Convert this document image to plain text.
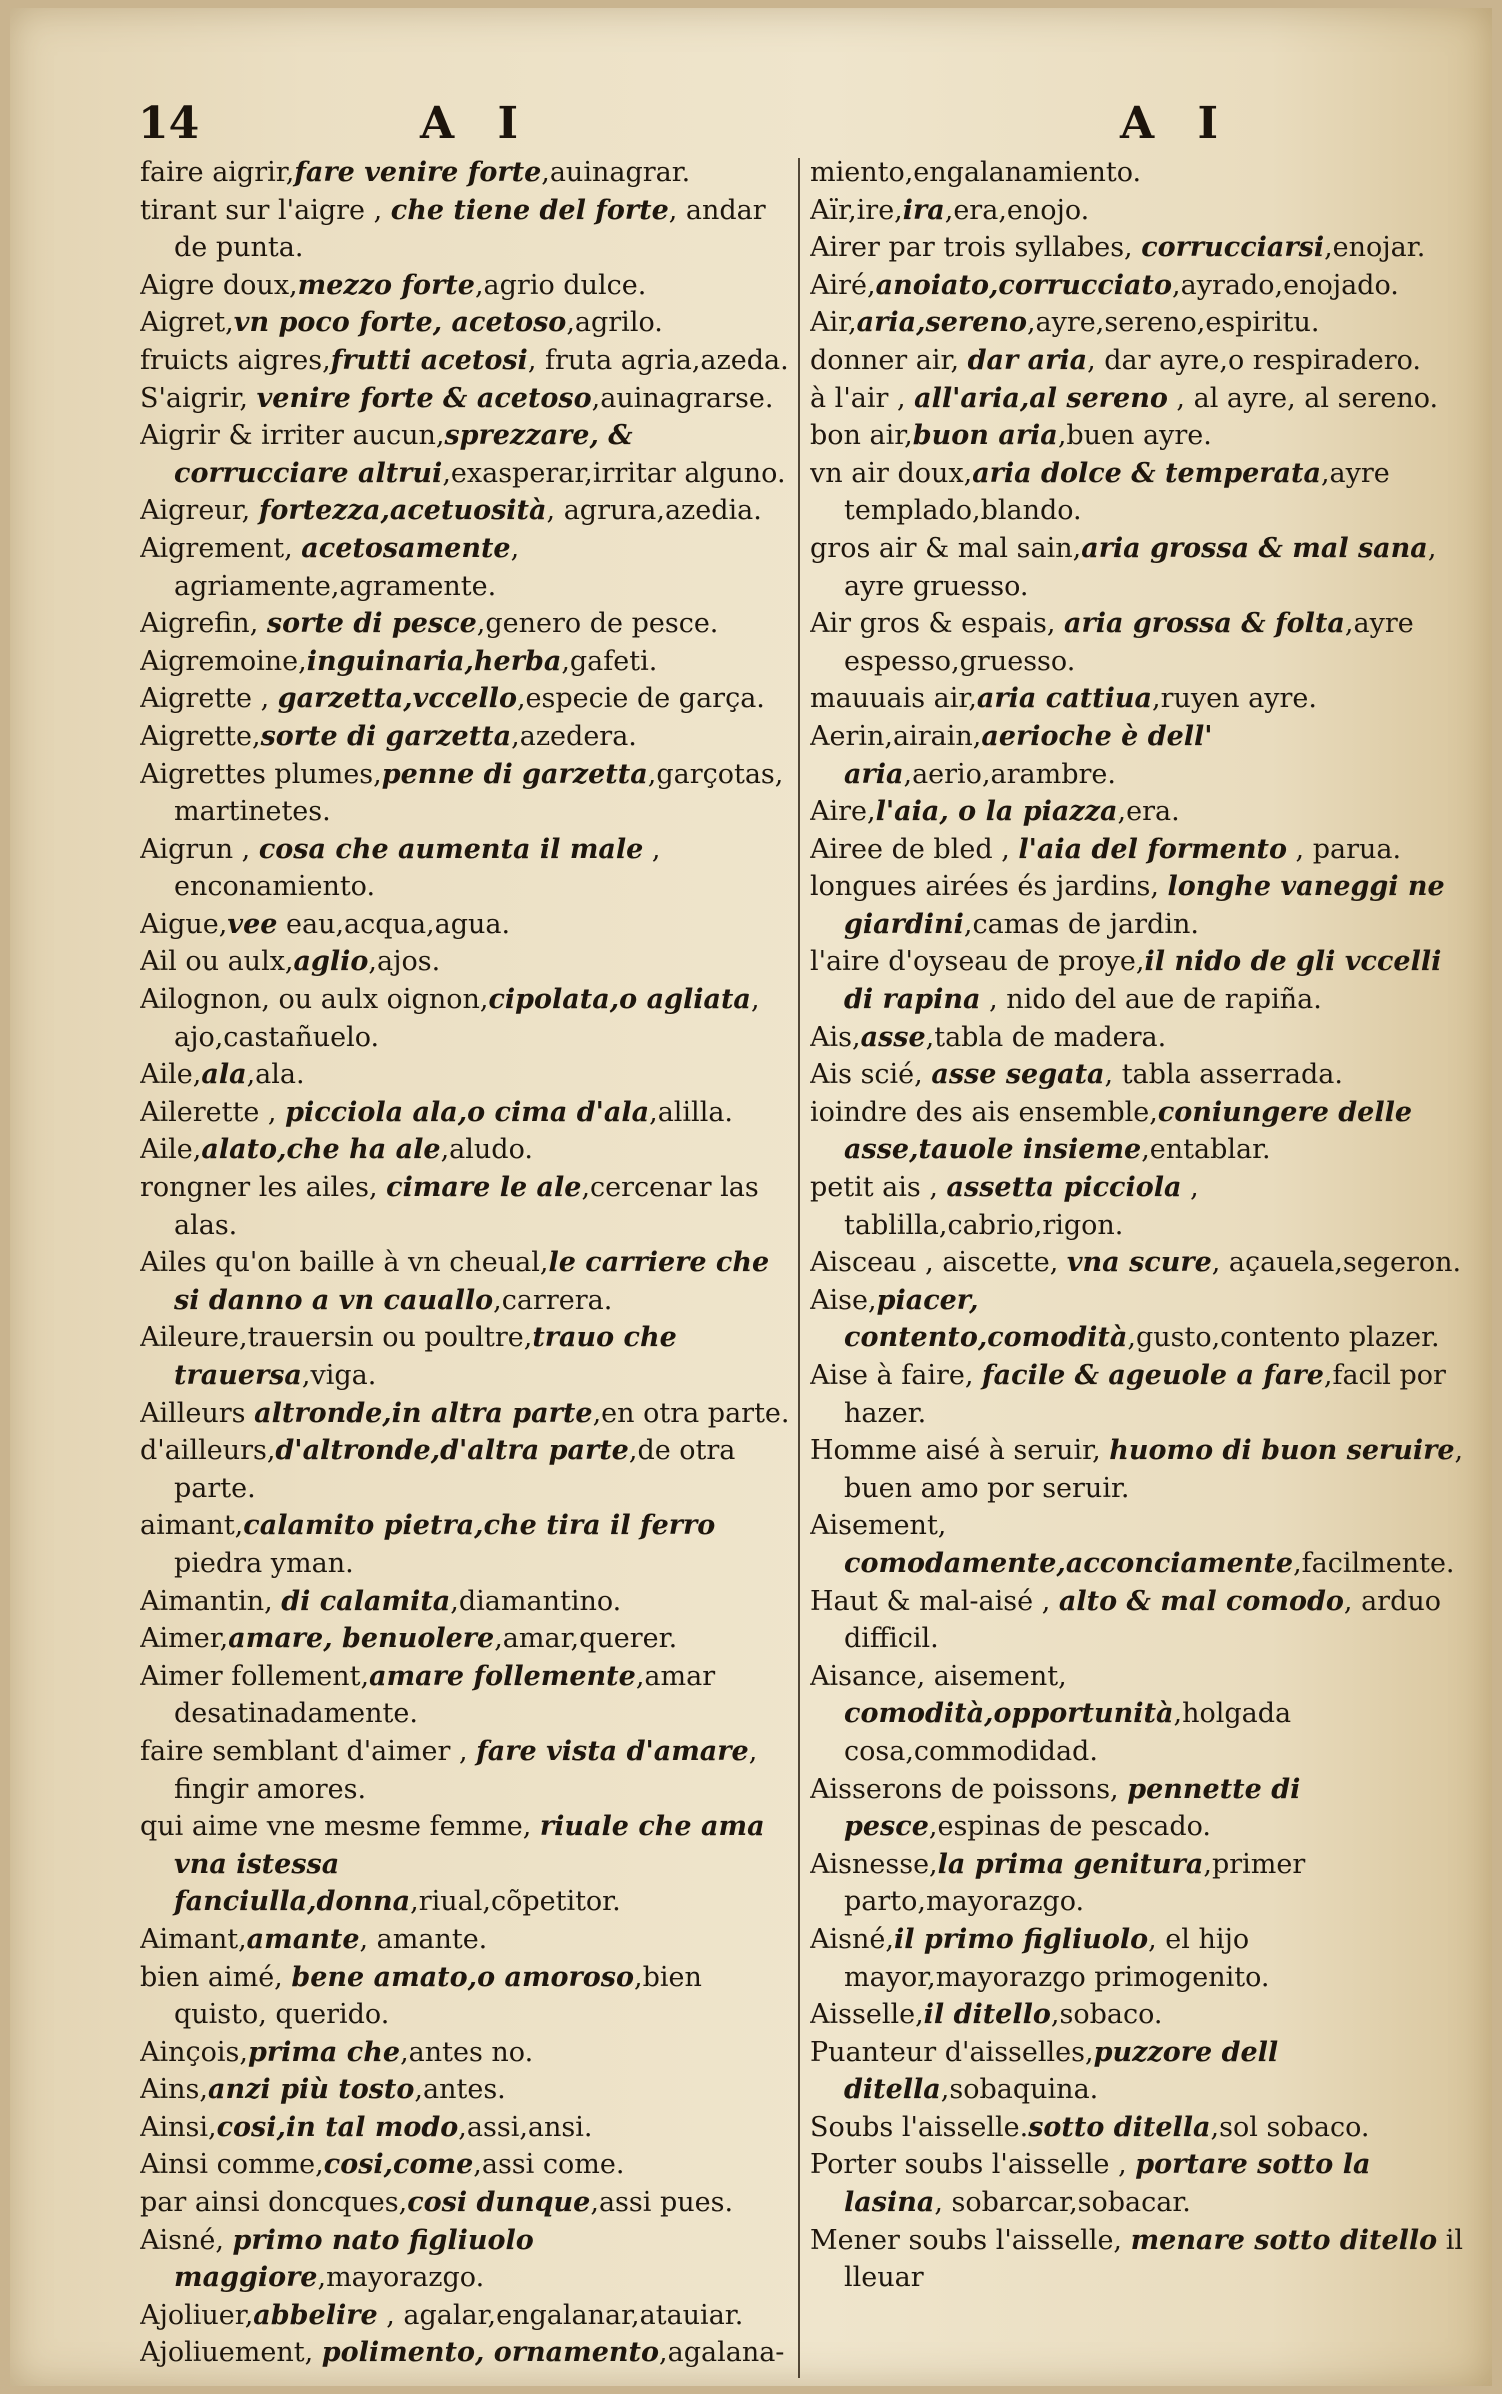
14	A I	A I

faire aigrir,fare venire forte,auinagrar.

tirant sur l'aigre , che tiene del forte, andar de punta.

Aigre doux,mezzo forte,agrio dulce.

Aigret,vn poco forte, acetoso,agrilo.

fruicts aigres,frutti acetosi, fruta agria,azeda.

S'aigrir, venire forte & acetoso,auinagrarse.

Aigrir & irriter aucun,sprezzare, & corrucciare altrui,exasperar,irritar alguno.

Aigreur, fortezza,acetuosità, agrura,azedia.

Aigrement, acetosamente, agriamente,agramente.

Aigrefin, sorte di pesce,genero de pesce.

Aigremoine,inguinaria,herba,gafeti.

Aigrette , garzetta,vccello,especie de garça.

Aigrette,sorte di garzetta,azedera.

Aigrettes plumes,penne di garzetta,garçotas, martinetes.

Aigrun , cosa che aumenta il male , enconamiento.

Aigue,vee eau,acqua,agua.

Ail ou aulx,aglio,ajos.

Ailognon, ou aulx oignon,cipolata,o agliata, ajo,castañuelo.

Aile,ala,ala.

Ailerette , picciola ala,o cima d'ala,alilla.

Aile,alato,che ha ale,aludo.

rongner les ailes, cimare le ale,cercenar las alas.

Ailes qu'on baille à vn cheual,le carriere che si danno a vn cauallo,carrera.

Aileure,trauersin ou poultre,trauo che trauersa,viga.

Ailleurs altronde,in altra parte,en otra parte.

d'ailleurs,d'altronde,d'altra parte,de otra parte.

aimant,calamito pietra,che tira il ferro piedra yman.

Aimantin, di calamita,diamantino.

Aimer,amare, benuolere,amar,querer.

Aimer follement,amare follemente,amar desatinadamente.

faire semblant d'aimer , fare vista d'amare, fingir amores.

qui aime vne mesme femme, riuale che ama vna istessa fanciulla,donna,riual,cõpetitor.

Aimant,amante, amante.

bien aimé, bene amato,o amoroso,bien quisto, querido.

Ainçois,prima che,antes no.

Ains,anzi più tosto,antes.

Ainsi,cosi,in tal modo,assi,ansi.

Ainsi comme,cosi,come,assi come.

par ainsi doncques,cosi dunque,assi pues.

Aisné, primo nato figliuolo maggiore,mayorazgo.

Ajoliuer,abbelire , agalar,engalanar,atauiar.

Ajoliuement, polimento, ornamento,agalana-

miento,engalanamiento.

Aïr,ire,ira,era,enojo.

Airer par trois syllabes, corrucciarsi,enojar.

Airé,anoiato,corrucciato,ayrado,enojado.

Air,aria,sereno,ayre,sereno,espiritu.

donner air, dar aria, dar ayre,o respiradero.

à l'air , all'aria,al sereno , al ayre, al sereno.

bon air,buon aria,buen ayre.

vn air doux,aria dolce & temperata,ayre templado,blando.

gros air & mal sain,aria grossa & mal sana, ayre gruesso.

Air gros & espais, aria grossa & folta,ayre espesso,gruesso.

mauuais air,aria cattiua,ruyen ayre.

Aerin,airain,aerioche è dell' aria,aerio,arambre.

Aire,l'aia, o la piazza,era.

Airee de bled , l'aia del formento , parua.

longues airées és jardins, longhe vaneggi ne giardini,camas de jardin.

l'aire d'oyseau de proye,il nido de gli vccelli di rapina , nido del aue de rapiña.

Ais,asse,tabla de madera.

Ais scié, asse segata, tabla asserrada.

ioindre des ais ensemble,coniungere delle asse,tauole insieme,entablar.

petit ais , assetta picciola , tablilla,cabrio,rigon.

Aisceau , aiscette, vna scure, açauela,segeron.

Aise,piacer, contento,comodità,gusto,contento plazer.

Aise à faire, facile & ageuole a fare,facil por hazer.

Homme aisé à seruir, huomo di buon seruire, buen amo por seruir.

Aisement, comodamente,acconciamente,facilmente.

Haut & mal-aisé , alto & mal comodo, arduo difficil.

Aisance, aisement, comodità,opportunità,holgada cosa,commodidad.

Aisserons de poissons, pennette di pesce,espinas de pescado.

Aisnesse,la prima genitura,primer parto,mayorazgo.

Aisné,il primo figliuolo, el hijo mayor,mayorazgo primogenito.

Aisselle,il ditello,sobaco.

Puanteur d'aisselles,puzzore dell ditella,sobaquina.

Soubs l'aisselle.sotto ditella,sol sobaco.

Porter soubs l'aisselle , portare sotto la lasina, sobarcar,sobacar.

Mener soubs l'aisselle, menare sotto ditello il lleuar
